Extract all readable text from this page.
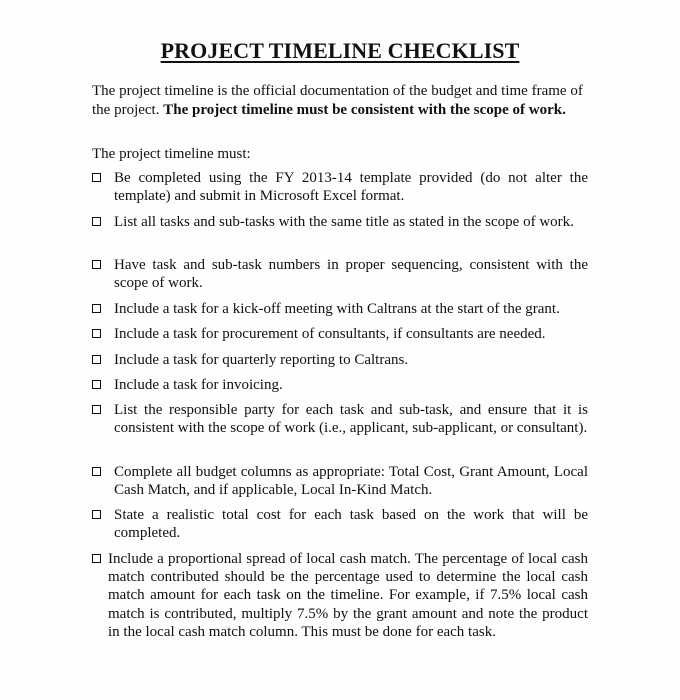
PROJECT TIMELINE CHECKLIST
The project timeline is the official documentation of the budget and time frame of the project. The project timeline must be consistent with the scope of work.
The project timeline must:
Be completed using the FY 2013-14 template provided (do not alter the template) and submit in Microsoft Excel format.
List all tasks and sub-tasks with the same title as stated in the scope of work.
Have task and sub-task numbers in proper sequencing, consistent with the scope of work.
Include a task for a kick-off meeting with Caltrans at the start of the grant.
Include a task for procurement of consultants, if consultants are needed.
Include a task for quarterly reporting to Caltrans.
Include a task for invoicing.
List the responsible party for each task and sub-task, and ensure that it is consistent with the scope of work (i.e., applicant, sub-applicant, or consultant).
Complete all budget columns as appropriate: Total Cost, Grant Amount, Local Cash Match, and if applicable, Local In-Kind Match.
State a realistic total cost for each task based on the work that will be completed.
Include a proportional spread of local cash match. The percentage of local cash match contributed should be the percentage used to determine the local cash match amount for each task on the timeline. For example, if 7.5% local cash match is contributed, multiply 7.5% by the grant amount and note the product in the local cash match column. This must be done for each task.
